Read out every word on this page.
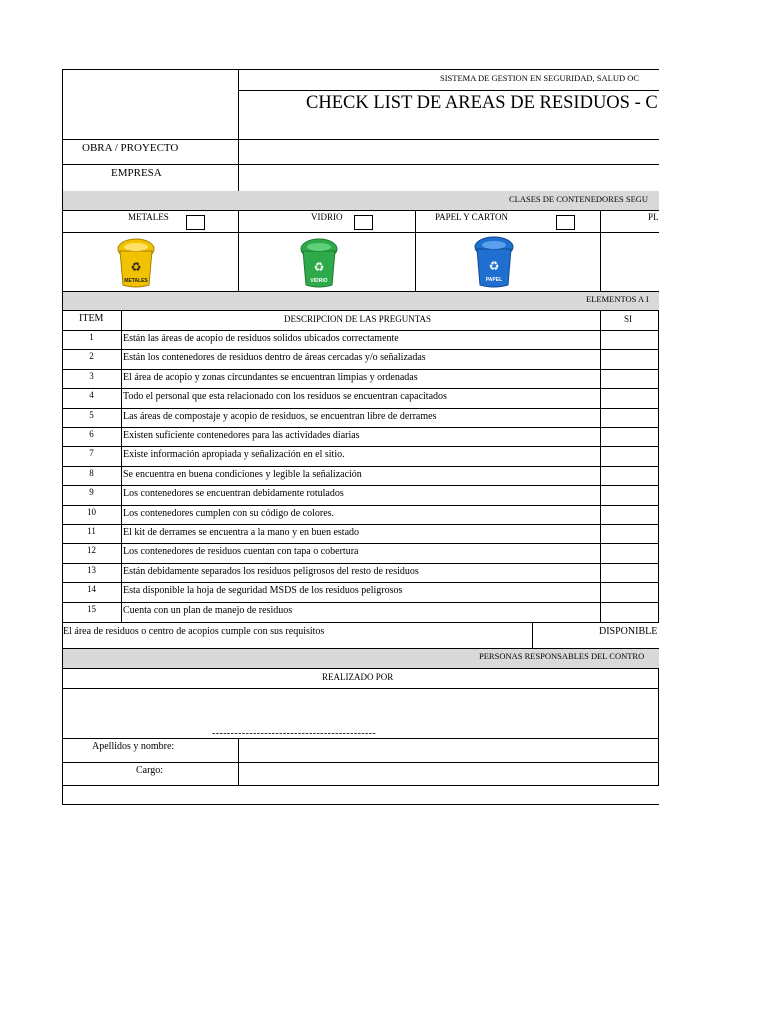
SISTEMA DE GESTION EN SEGURIDAD, SALUD OC
CHECK LIST DE AREAS DE RESIDUOS - C
OBRA / PROYECTO
EMPRESA
CLASES DE CONTENEDORES SEGU
METALES	VIDRIO	PAPEL Y CARTON	PL
♻
METALES
♻
VIDRIO
♻
PAPEL
ELEMENTOS A I
ITEM	DESCRIPCION DE LAS PREGUNTAS	SI
1	Están las áreas de acopio de residuos solidos ubicados correctamente
2	Están los contenedores de residuos dentro de áreas cercadas y/o señalizadas
3	El área de acopio y zonas circundantes se encuentran limpias y ordenadas
4	Todo el personal que esta relacionado con los residuos se encuentran capacitados
5	Las áreas de compostaje y acopio de residuos, se encuentran libre de derrames
6	Existen suficiente contenedores para las actividades diarias
7	Existe información apropiada y señalización en el sitio.
8	Se encuentra en buena condiciones y legible la señalización
9	Los contenedores se encuentran debidamente rotulados
10	Los contenedores cumplen con su código de colores.
11	El kit de derrames se encuentra a la mano y en buen estado
12	Los contenedores de residuos cuentan con tapa o cobertura
13	Están debidamente separados los residuos peligrosos del resto de residuos
14	Esta disponible la hoja de seguridad MSDS de los residuos peligrosos
15	Cuenta con un plan de manejo de residuos
El área de residuos o centro de acopios cumple con sus requisitos	DISPONIBLE
PERSONAS RESPONSABLES DEL CONTRO
REALIZADO POR
--------------------------------------------
Apellidos y nombre:
Cargo:
